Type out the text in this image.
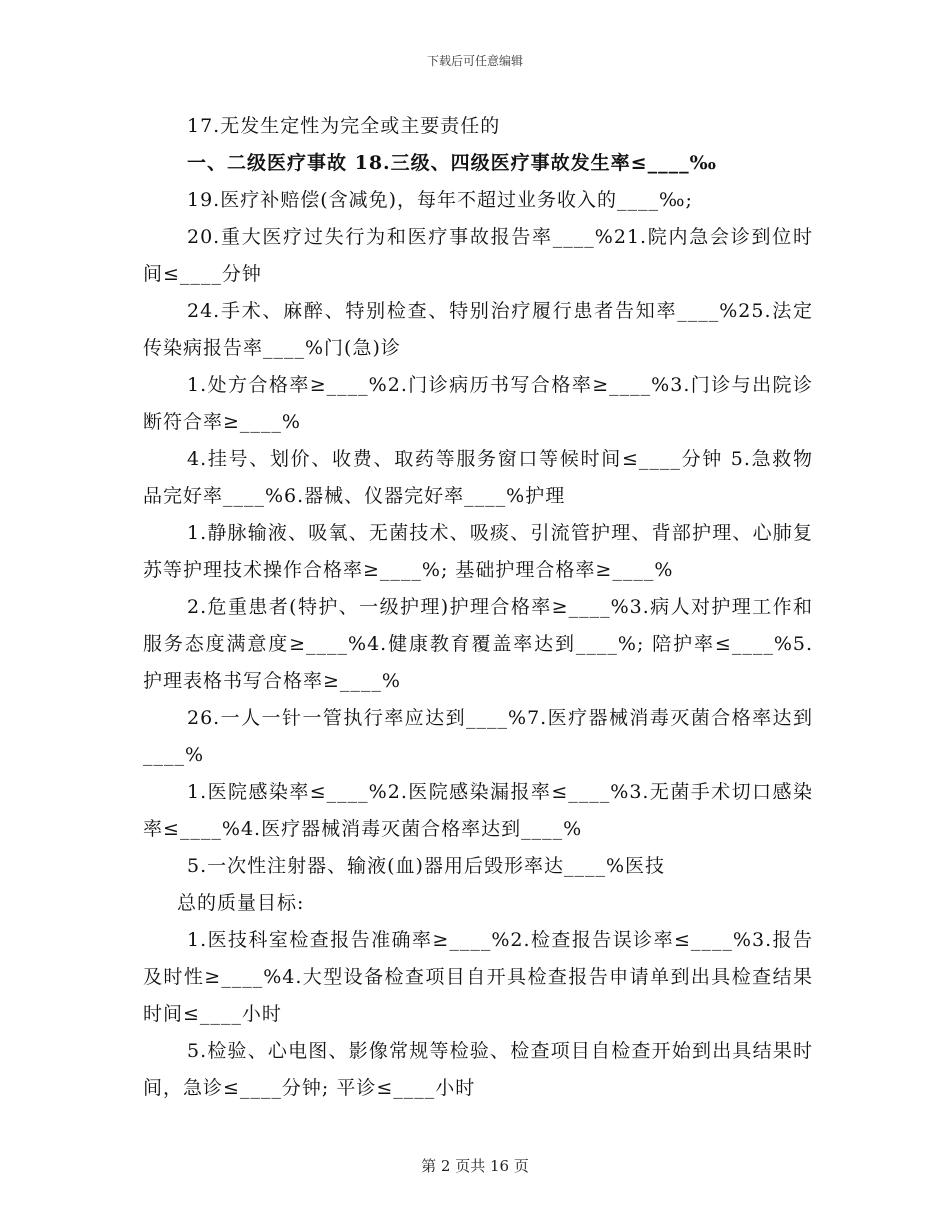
下载后可任意编辑

17.无发生定性为完全或主要责任的

一、二级医疗事故 18.三级、四级医疗事故发生率≤____‰

19.医疗补赔偿(含减免)，每年不超过业务收入的____‰;

20.重大医疗过失行为和医疗事故报告率____%21.院内急会诊到位时间≤____分钟

24.手术、麻醉、特别检查、特别治疗履行患者告知率____%25.法定传染病报告率____%门(急)诊

1.处方合格率≥____%2.门诊病历书写合格率≥____%3.门诊与出院诊断符合率≥____%

4.挂号、划价、收费、取药等服务窗口等候时间≤____分钟 5.急救物品完好率____%6.器械、仪器完好率____%护理

1.静脉输液、吸氧、无菌技术、吸痰、引流管护理、背部护理、心肺复苏等护理技术操作合格率≥____%; 基础护理合格率≥____%

2.危重患者(特护、一级护理)护理合格率≥____%3.病人对护理工作和服务态度满意度≥____%4.健康教育覆盖率达到____%; 陪护率≤____%5.护理表格书写合格率≥____%

26.一人一针一管执行率应达到____%7.医疗器械消毒灭菌合格率达到____%

1.医院感染率≤____%2.医院感染漏报率≤____%3.无菌手术切口感染率≤____%4.医疗器械消毒灭菌合格率达到____%

5.一次性注射器、输液(血)器用后毁形率达____%医技

总的质量目标:

1.医技科室检查报告准确率≥____%2.检查报告误诊率≤____%3.报告及时性≥____%4.大型设备检查项目自开具检查报告申请单到出具检查结果时间≤____小时

5.检验、心电图、影像常规等检验、检查项目自检查开始到出具结果时间，急诊≤____分钟; 平诊≤____小时

第 2 页共 16 页
